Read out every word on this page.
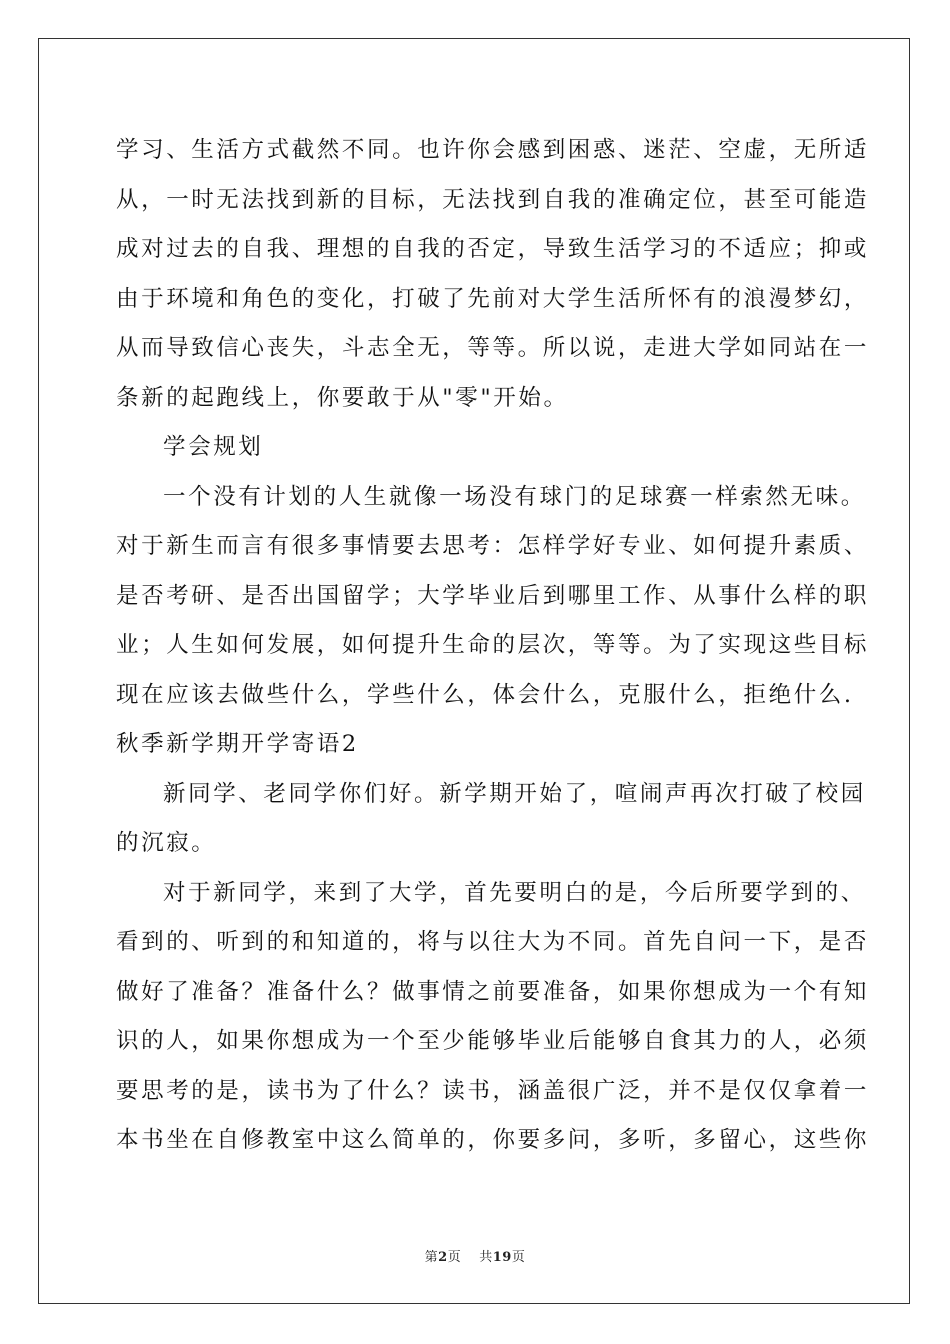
学习、生活方式截然不同。也许你会感到困惑、迷茫、空虚，无所适
从，一时无法找到新的目标，无法找到自我的准确定位，甚至可能造
成对过去的自我、理想的自我的否定，导致生活学习的不适应；抑或
由于环境和角色的变化，打破了先前对大学生活所怀有的浪漫梦幻，
从而导致信心丧失，斗志全无，等等。所以说，走进大学如同站在一
条新的起跑线上，你要敢于从"零"开始。
学会规划
一个没有计划的人生就像一场没有球门的足球赛一样索然无味。
对于新生而言有很多事情要去思考：怎样学好专业、如何提升素质、
是否考研、是否出国留学；大学毕业后到哪里工作、从事什么样的职
业；人生如何发展，如何提升生命的层次，等等。为了实现这些目标
现在应该去做些什么，学些什么，体会什么，克服什么，拒绝什么.
秋季新学期开学寄语2
新同学、老同学你们好。新学期开始了，喧闹声再次打破了校园
的沉寂。
对于新同学，来到了大学，首先要明白的是，今后所要学到的、
看到的、听到的和知道的，将与以往大为不同。首先自问一下，是否
做好了准备？准备什么？做事情之前要准备，如果你想成为一个有知
识的人，如果你想成为一个至少能够毕业后能够自食其力的人，必须
要思考的是，读书为了什么？读书，涵盖很广泛，并不是仅仅拿着一
本书坐在自修教室中这么简单的，你要多问，多听，多留心，这些你
第2页 共19页
